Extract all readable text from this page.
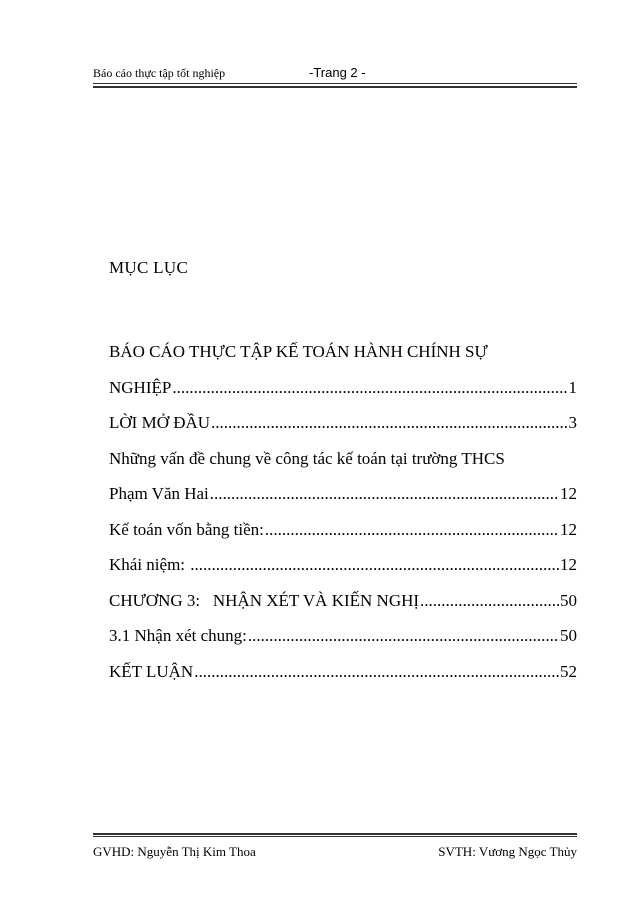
Báo cáo thực tập tốt nghiệp	-Trang 2 -
MỤC LỤC
BÁO CÁO THỰC TẬP KẾ TOÁN HÀNH CHÍNH SỰ
NGHIỆP .....	1
LỜI MỞ ĐẦU .....	3
Những vấn đề chung về công tác kế toán tại trường THCS
Phạm Văn Hai .....	12
Kế toán vốn bằng tiền: .....	12
Khái niệm: .....	12
CHƯƠNG 3:   NHẬN XÉT VÀ KIẾN NGHỊ .....	50
3.1 Nhận xét chung: .....	50
KẾT LUẬN .....	52
GVHD: Nguyễn Thị Kim Thoa	SVTH: Vương Ngọc Thủy
